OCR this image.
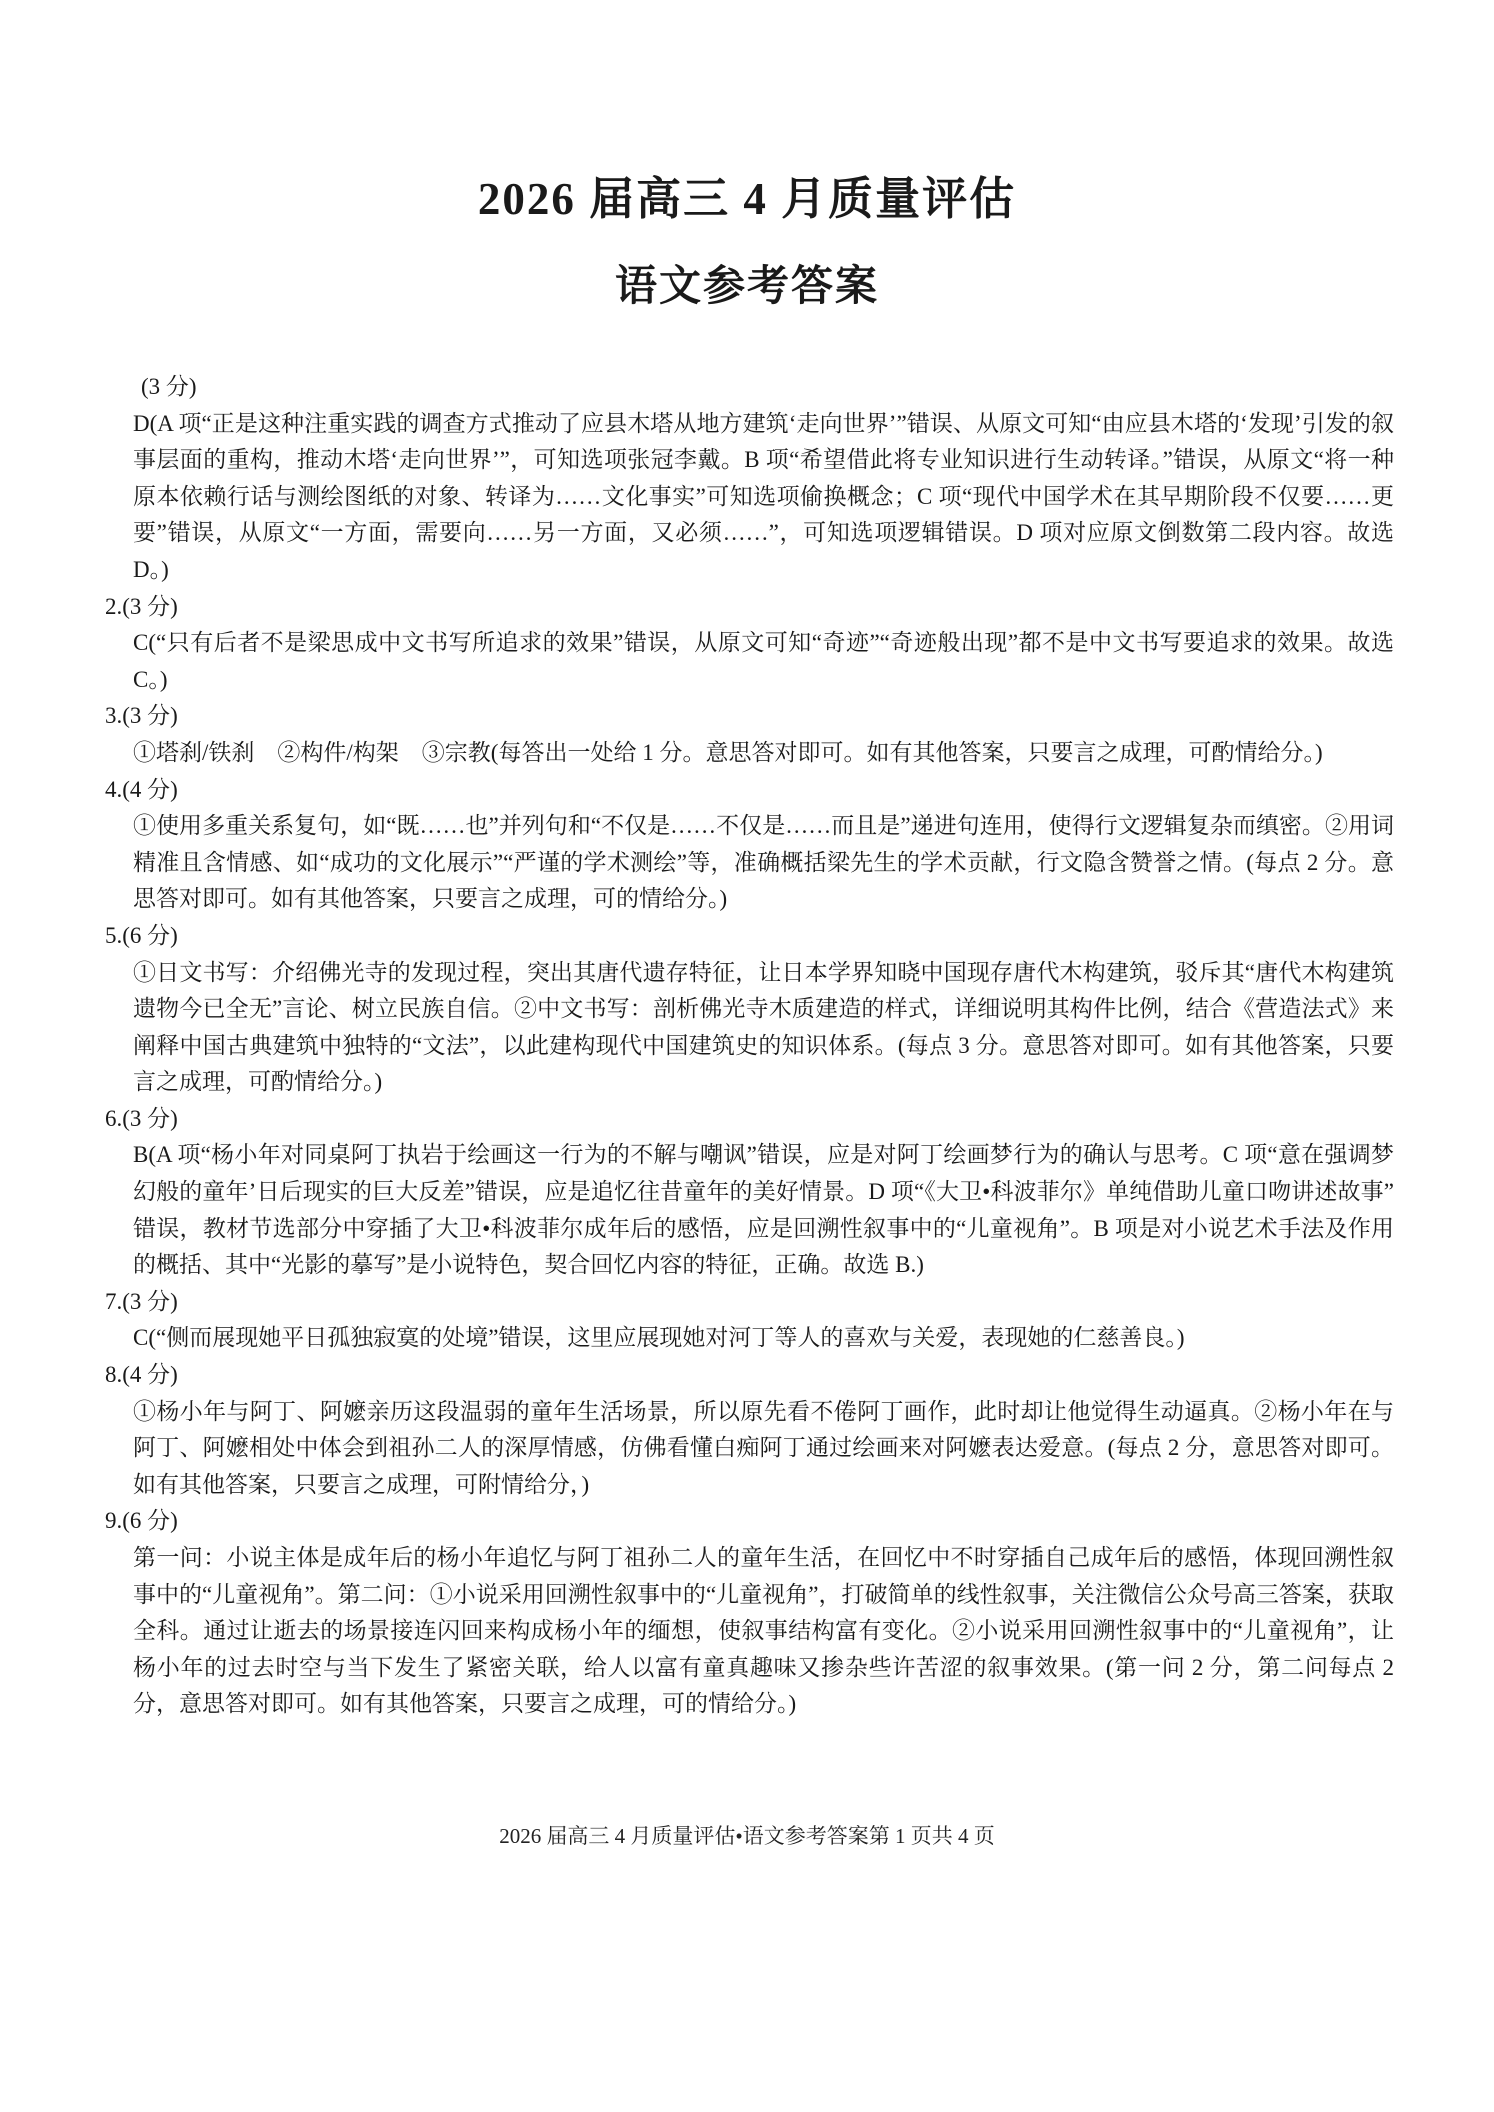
2026 届高三 4 月质量评估
语文参考答案
(3 分)

D(A 项“正是这种注重实践的调查方式推动了应县木塔从地方建筑‘走向世界’”错误、从原文可知“由应县木塔的‘发现’引发的叙事层面的重构，推动木塔‘走向世界’”，可知选项张冠李戴。B 项“希望借此将专业知识进行生动转译。”错误，从原文“将一种原本依赖行话与测绘图纸的对象、转译为……文化事实”可知选项偷换概念；C 项“现代中国学术在其早期阶段不仅要……更要”错误，从原文“一方面，需要向……另一方面，又必须……”，可知选项逻辑错误。D 项对应原文倒数第二段内容。故选 D。)

2.(3 分)

C(“只有后者不是梁思成中文书写所追求的效果”错误，从原文可知“奇迹”“奇迹般出现”都不是中文书写要追求的效果。故选 C。)

3.(3 分)

①塔刹/铁刹　②构件/构架　③宗教(每答出一处给 1 分。意思答对即可。如有其他答案，只要言之成理，可酌情给分。)

4.(4 分)

①使用多重关系复句，如“既……也”并列句和“不仅是……不仅是……而且是”递进句连用，使得行文逻辑复杂而缜密。②用词精准且含情感、如“成功的文化展示”“严谨的学术测绘”等，准确概括梁先生的学术贡献，行文隐含赞誉之情。(每点 2 分。意思答对即可。如有其他答案，只要言之成理，可的情给分。)

5.(6 分)

①日文书写：介绍佛光寺的发现过程，突出其唐代遗存特征，让日本学界知晓中国现存唐代木构建筑，驳斥其“唐代木构建筑遗物今已全无”言论、树立民族自信。②中文书写：剖析佛光寺木质建造的样式，详细说明其构件比例，结合《营造法式》来阐释中国古典建筑中独特的“文法”，以此建构现代中国建筑史的知识体系。(每点 3 分。意思答对即可。如有其他答案，只要言之成理，可酌情给分。)

6.(3 分)

B(A 项“杨小年对同桌阿丁执岩于绘画这一行为的不解与嘲讽”错误，应是对阿丁绘画梦行为的确认与思考。C 项“意在强调梦幻般的童年’日后现实的巨大反差”错误，应是追忆往昔童年的美好情景。D 项“《大卫•科波菲尔》单纯借助儿童口吻讲述故事”错误，教材节选部分中穿插了大卫•科波菲尔成年后的感悟，应是回溯性叙事中的“儿童视角”。B 项是对小说艺术手法及作用的概括、其中“光影的摹写”是小说特色，契合回忆内容的特征，正确。故选 B.)

7.(3 分)

C(“侧而展现她平日孤独寂寞的处境”错误，这里应展现她对河丁等人的喜欢与关爱，表现她的仁慈善良。)

8.(4 分)

①杨小年与阿丁、阿嬷亲历这段温弱的童年生活场景，所以原先看不倦阿丁画作，此时却让他觉得生动逼真。②杨小年在与阿丁、阿嬷相处中体会到祖孙二人的深厚情感，仿佛看懂白痴阿丁通过绘画来对阿嬷表达爱意。(每点 2 分，意思答对即可。如有其他答案，只要言之成理，可附情给分，)

9.(6 分)

第一问：小说主体是成年后的杨小年追忆与阿丁祖孙二人的童年生活，在回忆中不时穿插自己成年后的感悟，体现回溯性叙事中的“儿童视角”。第二问：①小说采用回溯性叙事中的“儿童视角”，打破简单的线性叙事，关注微信公众号高三答案，获取全科。通过让逝去的场景接连闪回来构成杨小年的缅想，使叙事结构富有变化。②小说采用回溯性叙事中的“儿童视角”，让杨小年的过去时空与当下发生了紧密关联，给人以富有童真趣味又掺杂些许苦涩的叙事效果。(第一问 2 分，第二问每点 2 分，意思答对即可。如有其他答案，只要言之成理，可的情给分。)

2026 届高三 4 月质量评估•语文参考答案第 1 页共 4 页
